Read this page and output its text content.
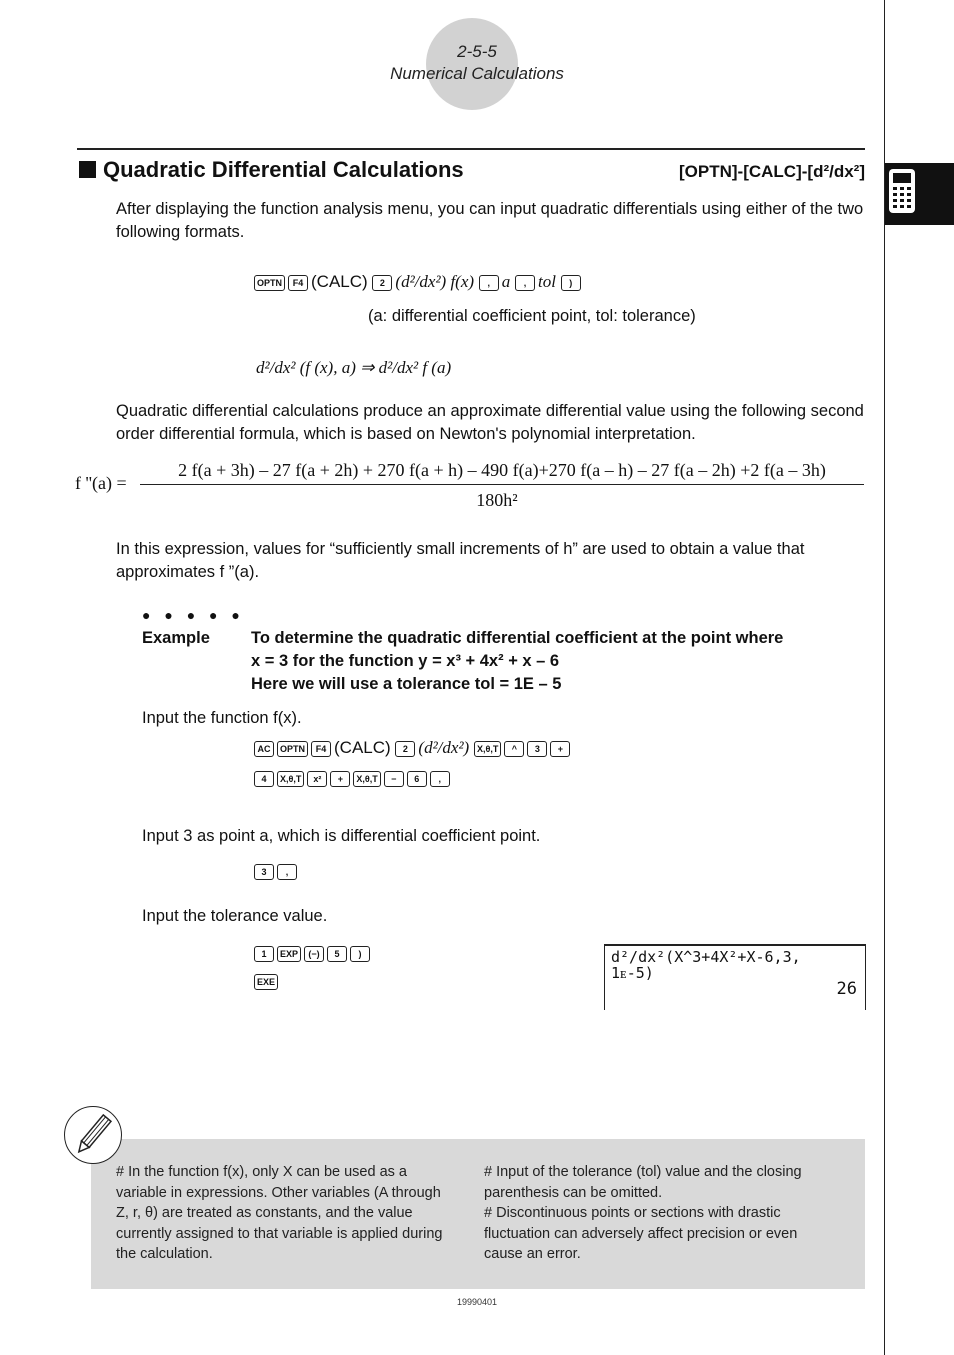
2-5-5
Numerical Calculations
Quadratic Differential Calculations	[OPTN]-[CALC]-[d²/dx²]
After displaying the function analysis menu, you can input quadratic differentials using either of the two following formats.
OPTN F4 (CALC) 2 (d²/dx²) f(x) , a , tol )
(a: differential coefficient point, tol: tolerance)
d²/dx² (f (x), a) ⇒ d²/dx² f (a)
Quadratic differential calculations produce an approximate differential value using the following second order differential formula, which is based on Newton's polynomial interpretation.
f ''(a) =
2 f(a + 3h) – 27 f(a + 2h) + 270 f(a + h) – 490 f(a)+270 f(a – h) – 27 f(a – 2h) +2 f(a – 3h)
180h²
In this expression, values for “sufficiently small increments of h” are used to obtain a value that approximates f ”(a).
● ● ● ● ●
Example To determine the quadratic differential coefficient at the point where
x = 3 for the function y = x³ + 4x² + x – 6
Here we will use a tolerance tol = 1E – 5
Input the function f(x).
AC OPTN F4 (CALC) 2 (d²/dx²) X,θ,T ^ 3 +
4 X,θ,T x² + X,θ,T − 6 ,
Input 3 as point a, which is differential coefficient point.
3 ,
Input the tolerance value.
1 EXP (−) 5 )
EXE
d²/dx²(X^3+4X²+X-6,3,
1ᴇ-5)
26
# In the function f(x), only X can be used as a variable in expressions. Other variables (A through Z, r, θ) are treated as constants, and the value currently assigned to that variable is applied during the calculation.
# Input of the tolerance (tol) value and the closing parenthesis can be omitted.
# Discontinuous points or sections with drastic fluctuation can adversely affect precision or even cause an error.
19990401
